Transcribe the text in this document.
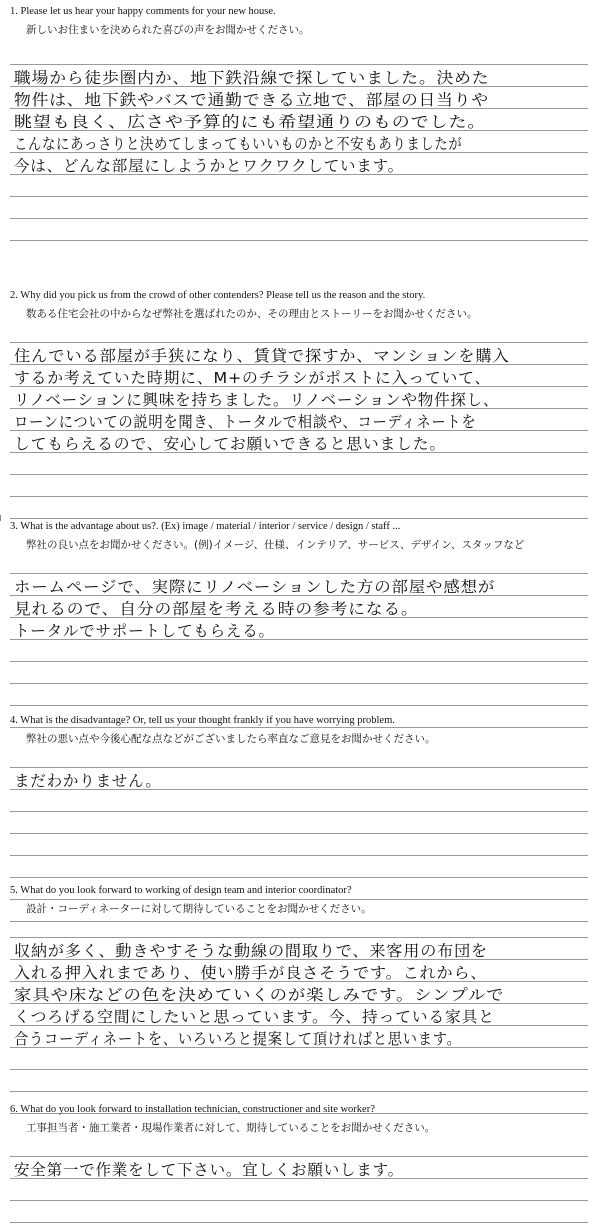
1. Please let us hear your happy comments for your new house.
新しいお住まいを決められた喜びの声をお聞かせください。
職場から徒歩圏内か、地下鉄沿線で探していました。決めた
物件は、地下鉄やバスで通勤できる立地で、部屋の日当りや
眺望も良く、広さや予算的にも希望通りのものでした。
こんなにあっさりと決めてしまってもいいものかと不安もありましたが
今は、どんな部屋にしようかとワクワクしています。
2. Why did you pick us from the crowd of other contenders? Please tell us the reason and the story.
数ある住宅会社の中からなぜ弊社を選ばれたのか、その理由とストーリーをお聞かせください。
住んでいる部屋が手狭になり、賃貸で探すか、マンションを購入
するか考えていた時期に、M+のチラシがポストに入っていて、
リノベーションに興味を持ちました。リノベーションや物件探し、
ローンについての説明を聞き、トータルで相談や、コーディネートを
してもらえるので、安心してお願いできると思いました。
3. What is the advantage about us?. (Ex) image / material / interior / service / design / staff ...
弊社の良い点をお聞かせください。(例)イメージ、仕様、インテリア、サービス、デザイン、スタッフなど
ホームページで、実際にリノベーションした方の部屋や感想が
見れるので、自分の部屋を考える時の参考になる。
トータルでサポートしてもらえる。
4. What is the disadvantage? Or, tell us your thought frankly if you have worrying problem.
弊社の悪い点や今後心配な点などがございましたら率直なご意見をお聞かせください。
まだわかりません。
5. What do you look forward to working of design team and interior coordinator?
設計・コーディネーターに対して期待していることをお聞かせください。
収納が多く、動きやすそうな動線の間取りで、来客用の布団を
入れる押入れまであり、使い勝手が良さそうです。これから、
家具や床などの色を決めていくのが楽しみです。シンプルで
くつろげる空間にしたいと思っています。今、持っている家具と
合うコーディネートを、いろいろと提案して頂ければと思います。
6. What do you look forward to installation technician, constructioner and site worker?
工事担当者・施工業者・現場作業者に対して、期待していることをお聞かせください。
安全第一で作業をして下さい。宜しくお願いします。
